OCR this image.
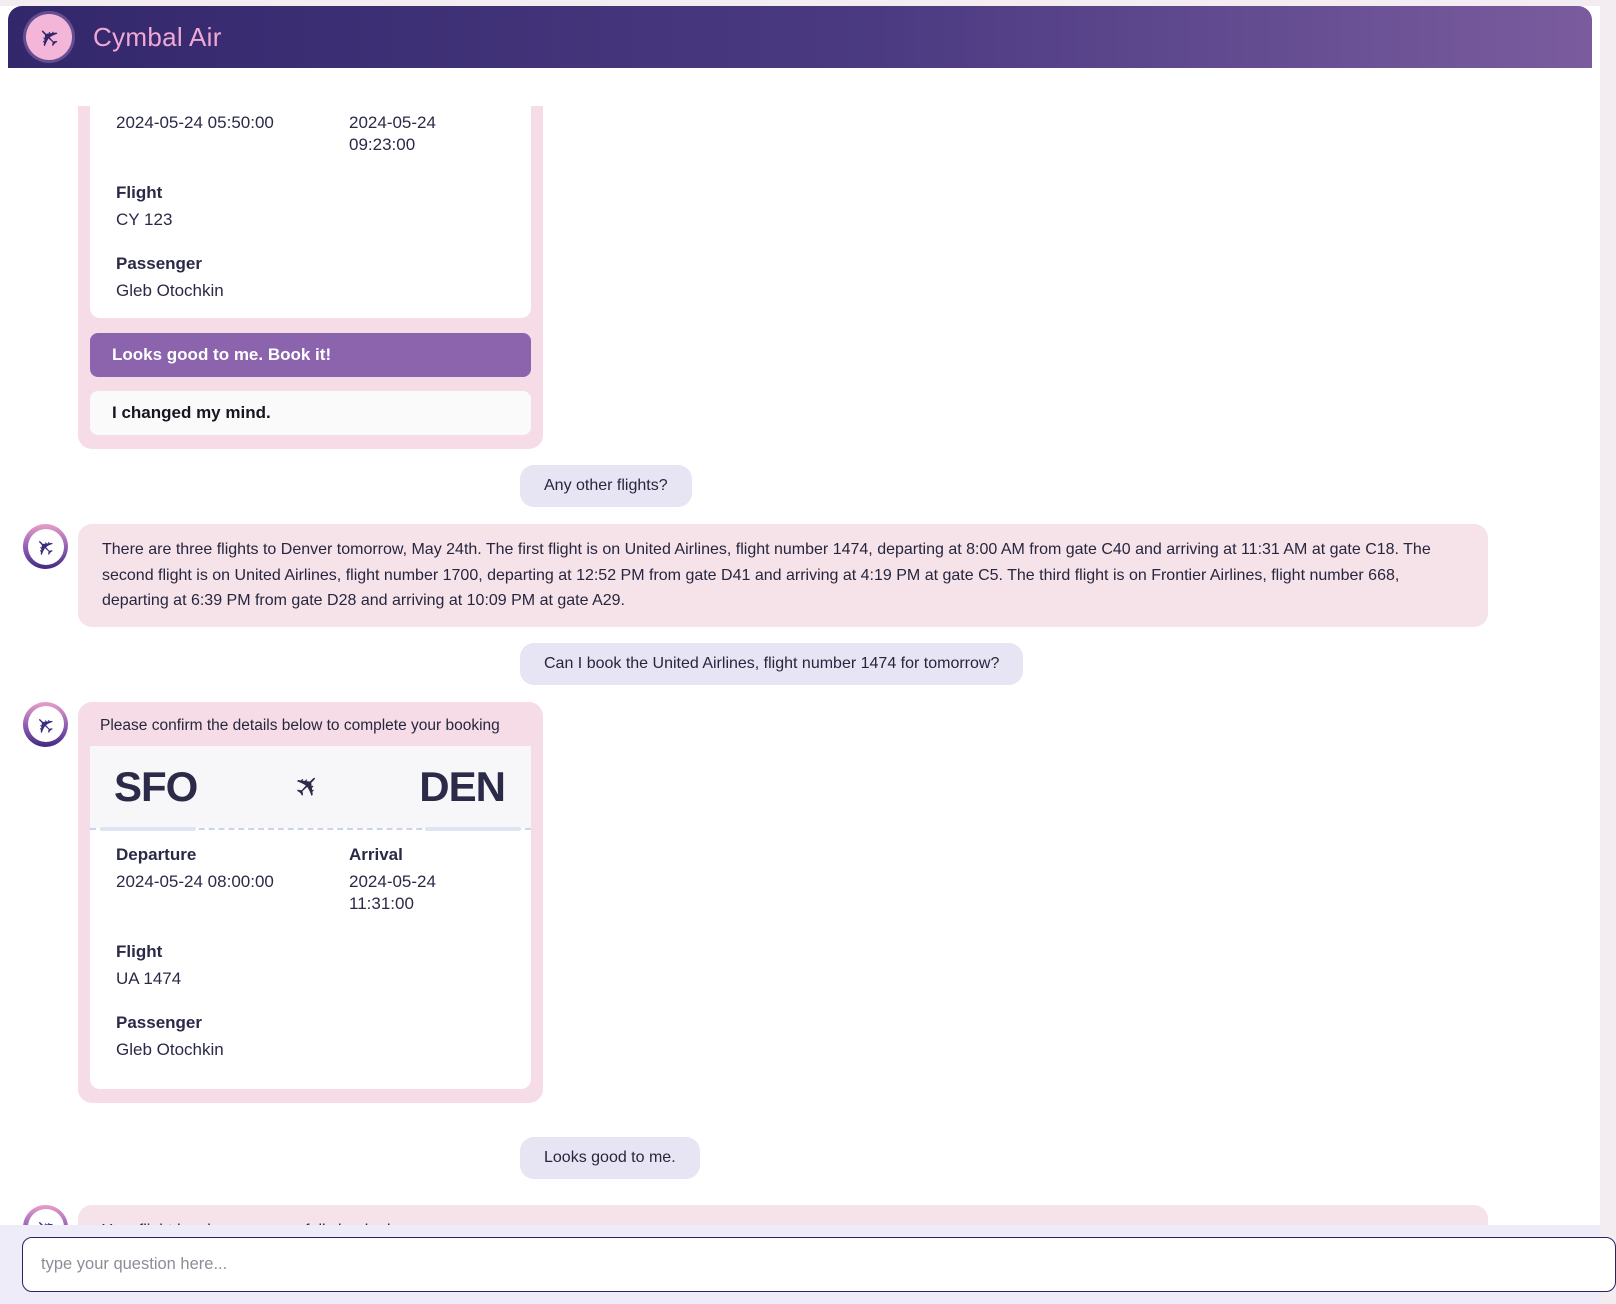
✈ Cymbal Air
2024-05-24 05:50:00	2024-05-24 09:23:00
Flight
CY 123
Passenger
Gleb Otochkin
Looks good to me. Book it!
I changed my mind.
Any other flights?
✈	There are three flights to Denver tomorrow, May 24th. The first flight is on United Airlines, flight number 1474, departing at 8:00 AM from gate C40 and arriving at 11:31 AM at gate C18. The second flight is on United Airlines, flight number 1700, departing at 12:52 PM from gate D41 and arriving at 4:19 PM at gate C5. The third flight is on Frontier Airlines, flight number 668, departing at 6:39 PM from gate D28 and arriving at 10:09 PM at gate A29.
Can I book the United Airlines, flight number 1474 for tomorrow?
✈	Please confirm the details below to complete your booking
SFO	✈ DEN
Departure
2024-05-24 08:00:00
Arrival
2024-05-24 11:31:00
Flight
UA 1474
Passenger
Gleb Otochkin
Looks good to me.
type your question here...
